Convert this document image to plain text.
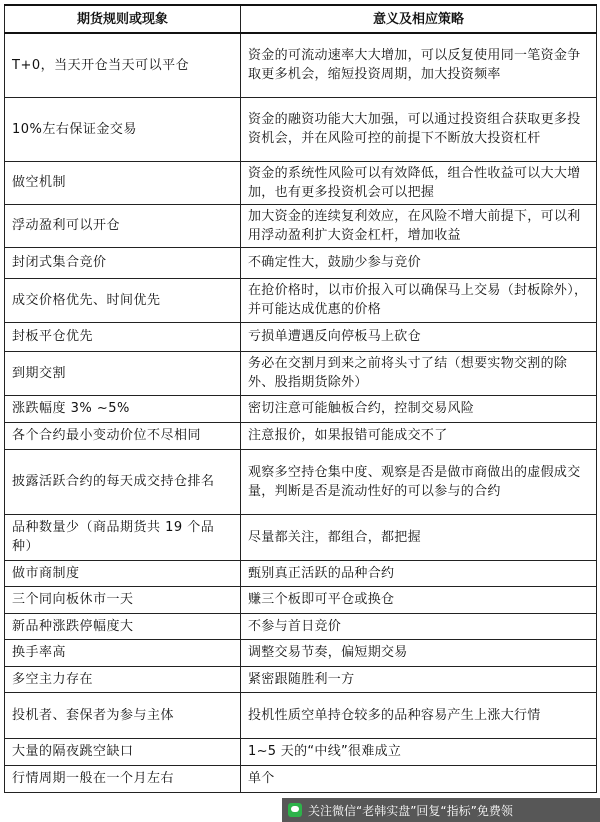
期货规则或现象	意义及相应策略
T+0，当天开仓当天可以平仓	资金的可流动速率大大增加，可以反复使用同一笔资金争取更多机会，缩短投资周期，加大投资频率
10%左右保证金交易	资金的融资功能大大加强，可以通过投资组合获取更多投资机会，并在风险可控的前提下不断放大投资杠杆
做空机制	资金的系统性风险可以有效降低，组合性收益可以大大增加，也有更多投资机会可以把握
浮动盈利可以开仓	加大资金的连续复利效应，在风险不增大前提下，可以利用浮动盈利扩大资金杠杆，增加收益
封闭式集合竞价	不确定性大，鼓励少参与竞价
成交价格优先、时间优先	在抢价格时，以市价报入可以确保马上交易（封板除外），并可能达成优惠的价格
封板平仓优先	亏损单遭遇反向停板马上砍仓
到期交割	务必在交割月到来之前将头寸了结（想要实物交割的除外、股指期货除外）
涨跌幅度 3% ~5%	密切注意可能触板合约，控制交易风险
各个合约最小变动价位不尽相同	注意报价，如果报错可能成交不了
披露活跃合约的每天成交持仓排名	观察多空持仓集中度、观察是否是做市商做出的虚假成交量，判断是否是流动性好的可以参与的合约
品种数量少（商品期货共 19 个品种）	尽量都关注，都组合，都把握
做市商制度	甄别真正活跃的品种合约
三个同向板休市一天	赚三个板即可平仓或换仓
新品种涨跌停幅度大	不参与首日竞价
换手率高	调整交易节奏，偏短期交易
多空主力存在	紧密跟随胜利一方
投机者、套保者为参与主体	投机性质空单持仓较多的品种容易产生上涨大行情
大量的隔夜跳空缺口	1~5 天的“中线”很难成立
行情周期一般在一个月左右	单个
关注微信“老韩实盘”回复“指标”免费领
